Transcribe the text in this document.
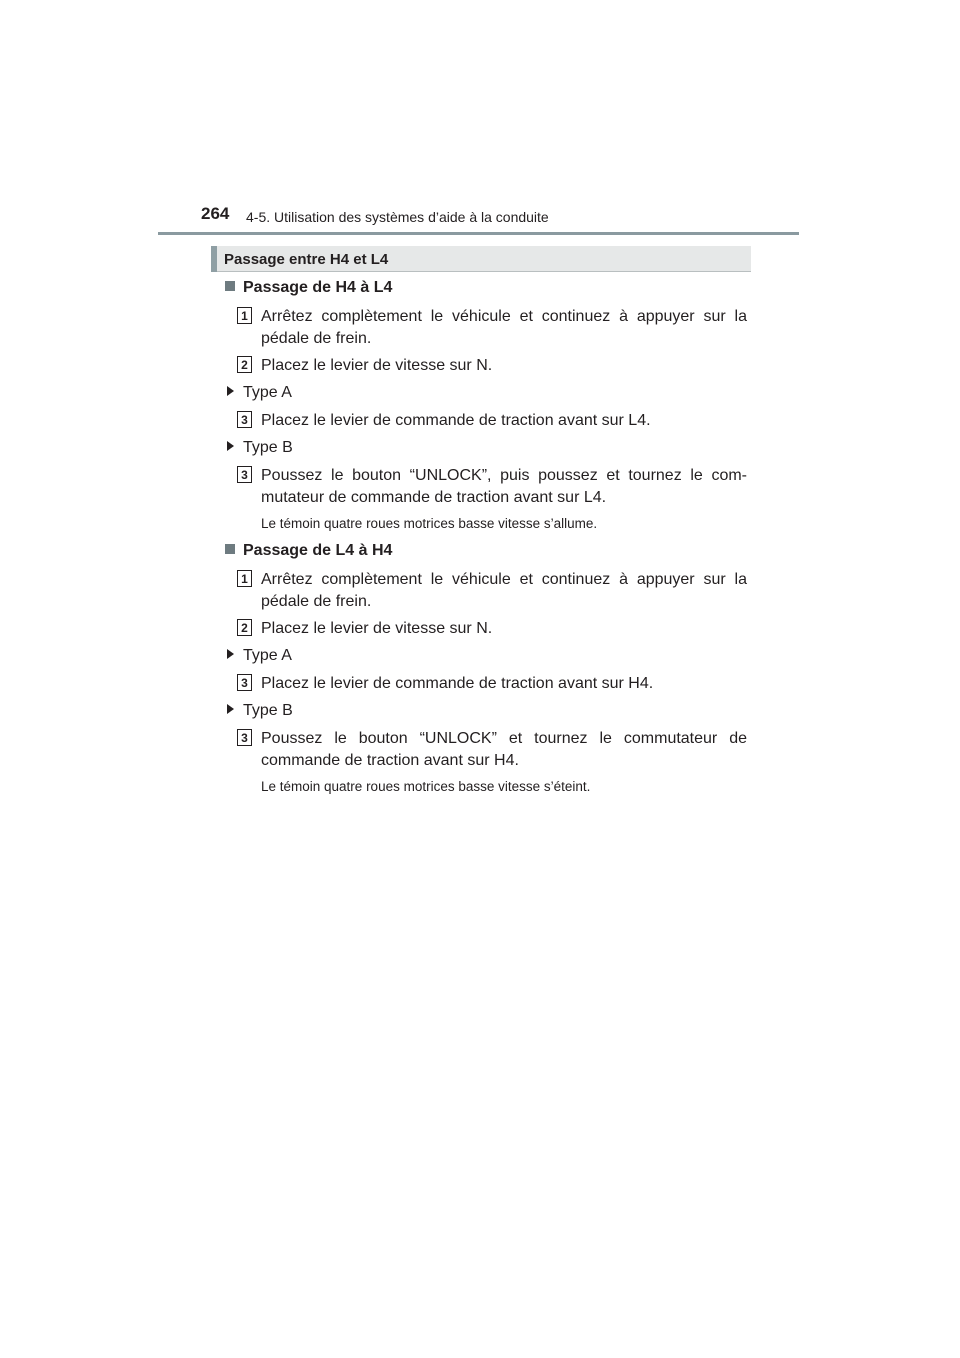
264 4-5. Utilisation des systèmes d’aide à la conduite
Passage entre H4 et L4
Passage de H4 à L4
1 Arrêtez complètement le véhicule et continuez à appuyer sur la pédale de frein.
2 Placez le levier de vitesse sur N.
Type A
3 Placez le levier de commande de traction avant sur L4.
Type B
3 Poussez le bouton “UNLOCK”, puis poussez et tournez le com-mutateur de commande de traction avant sur L4.
Le témoin quatre roues motrices basse vitesse s’allume.
Passage de L4 à H4
1 Arrêtez complètement le véhicule et continuez à appuyer sur la pédale de frein.
2 Placez le levier de vitesse sur N.
Type A
3 Placez le levier de commande de traction avant sur H4.
Type B
3 Poussez le bouton “UNLOCK” et tournez le commutateur de commande de traction avant sur H4.
Le témoin quatre roues motrices basse vitesse s’éteint.
